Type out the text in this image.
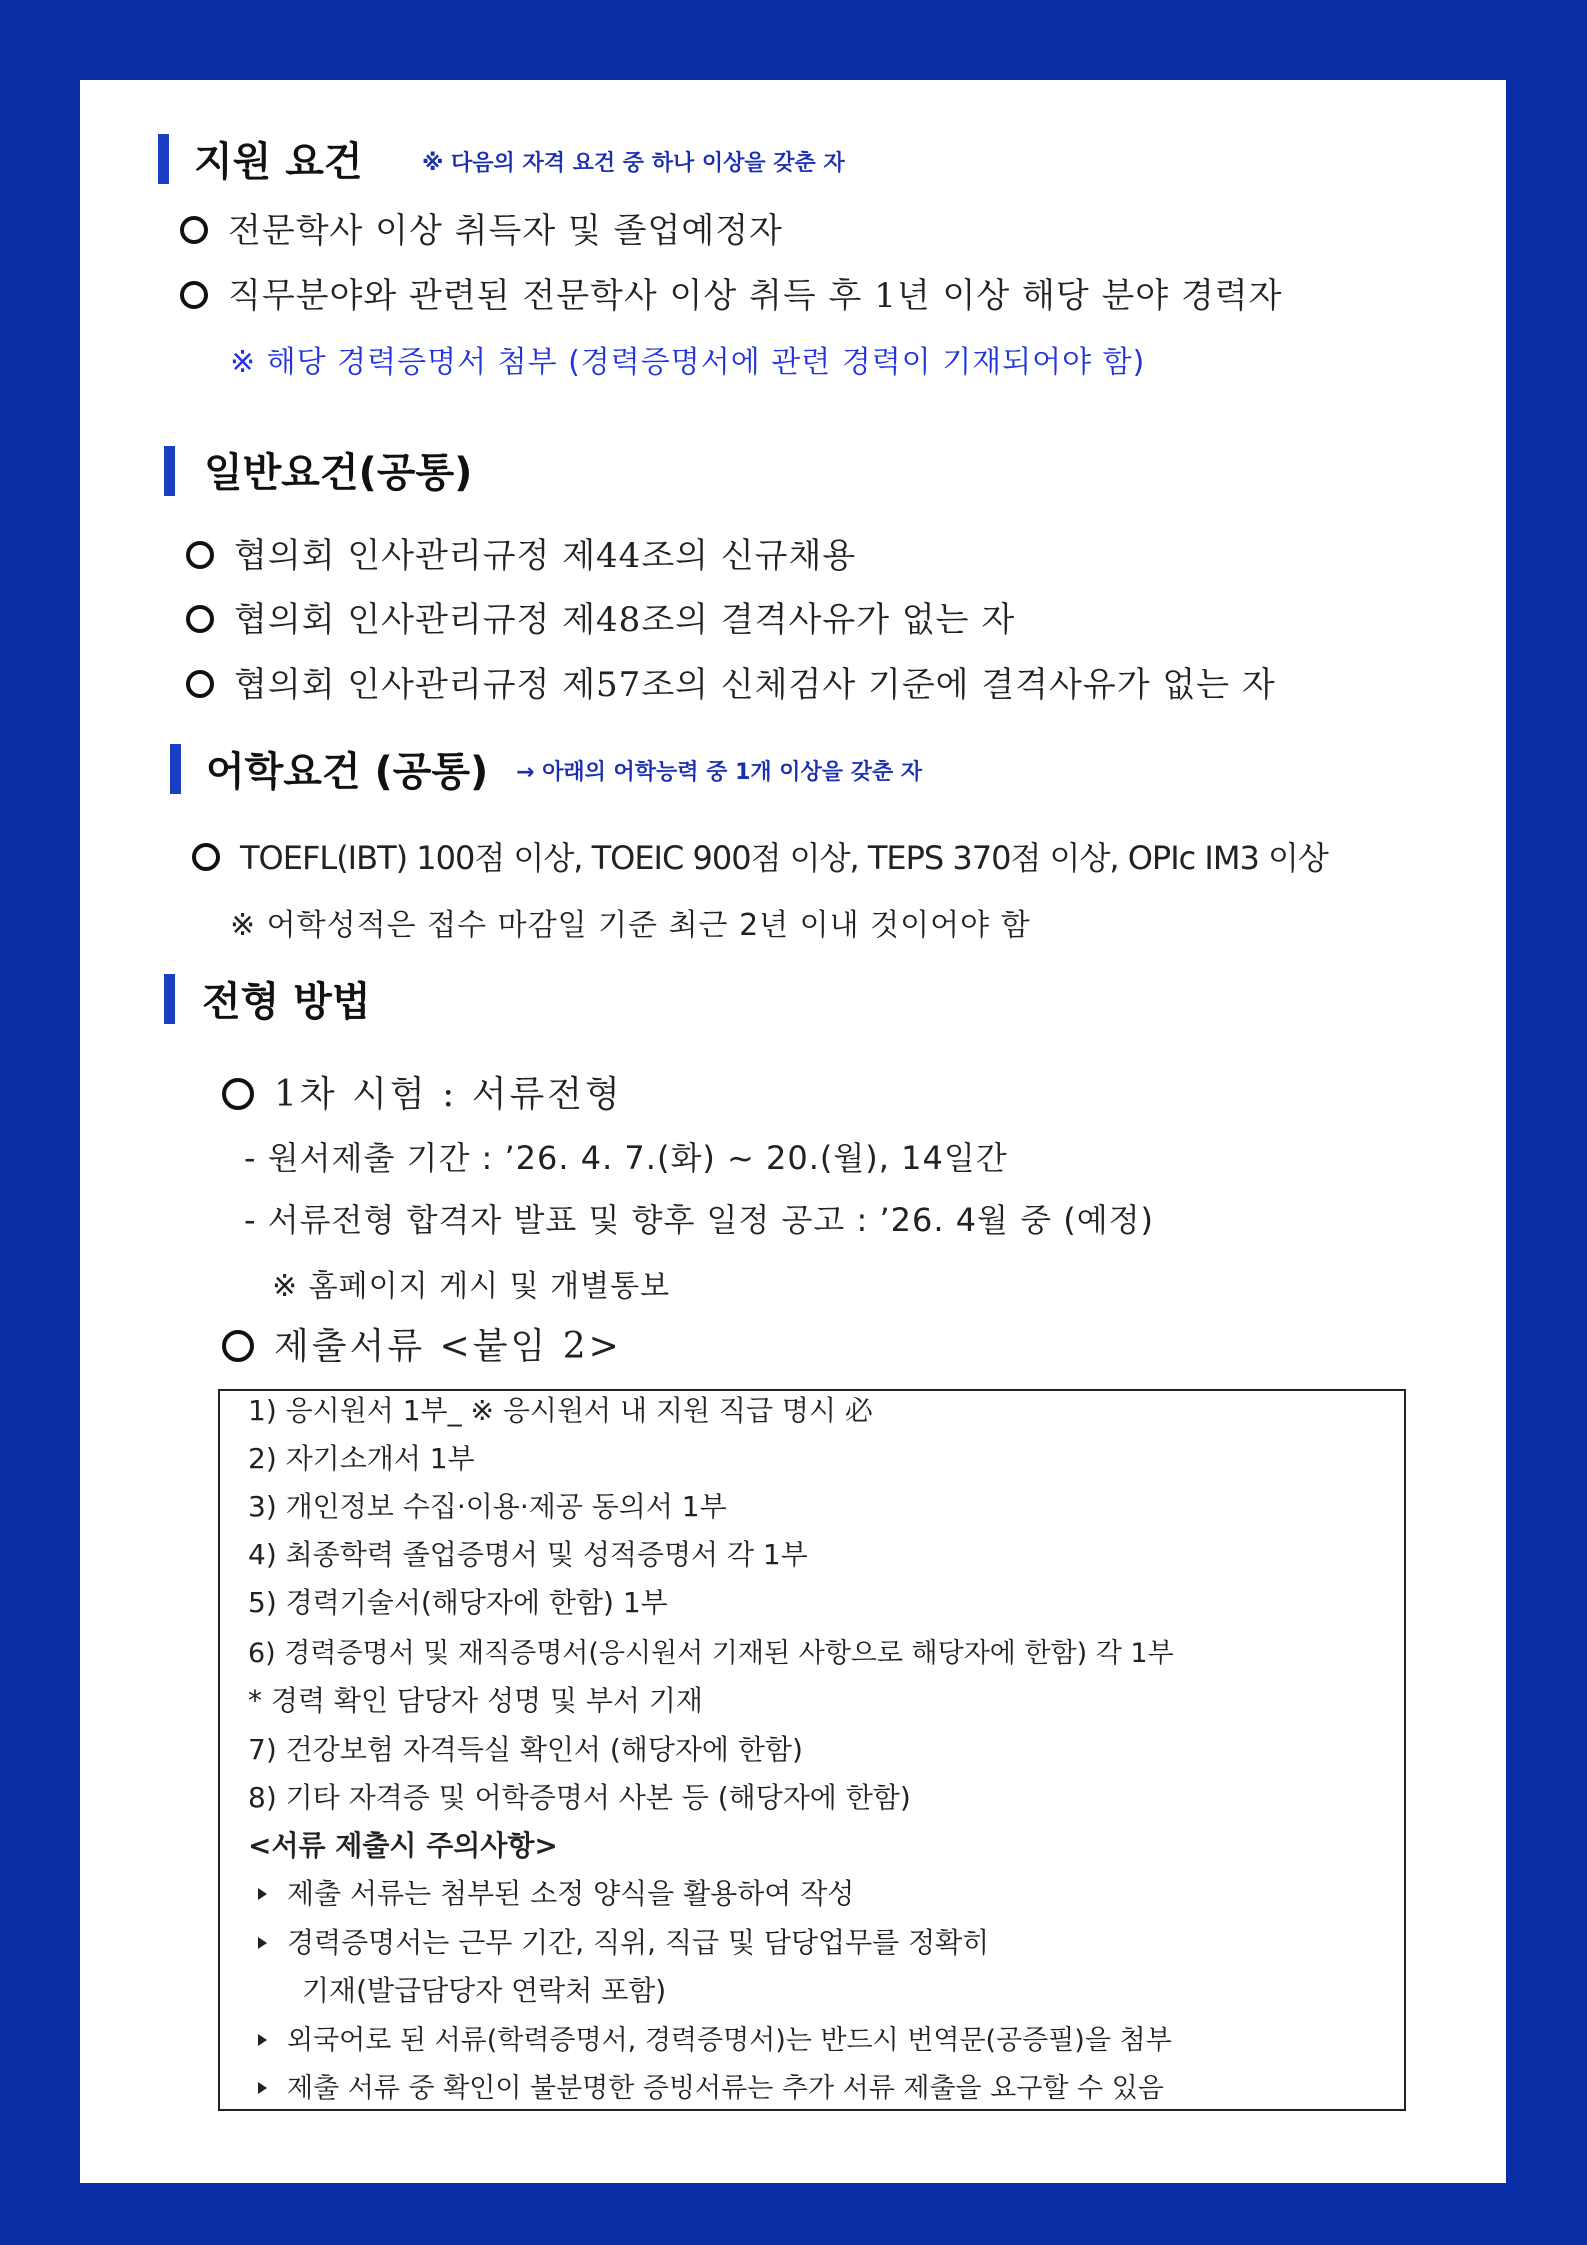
지원 요건	※ 다음의 자격 요건 중 하나 이상을 갖춘 자
전문학사 이상 취득자 및 졸업예정자
직무분야와 관련된 전문학사 이상 취득 후 1년 이상 해당 분야 경력자
※ 해당 경력증명서 첨부 (경력증명서에 관련 경력이 기재되어야 함)
일반요건(공통)
협의회 인사관리규정 제44조의 신규채용
협의회 인사관리규정 제48조의 결격사유가 없는 자
협의회 인사관리규정 제57조의 신체검사 기준에 결격사유가 없는 자
어학요건 (공통) → 아래의 어학능력 중 1개 이상을 갖춘 자
TOEFL(IBT) 100점 이상, TOEIC 900점 이상, TEPS 370점 이상, OPIc IM3 이상
※ 어학성적은 접수 마감일 기준 최근 2년 이내 것이어야 함
전형 방법
1차 시험 : 서류전형
- 원서제출 기간 : ’26. 4. 7.(화) ~ 20.(월), 14일간
- 서류전형 합격자 발표 및 향후 일정 공고 : ’26. 4월 중 (예정)
※ 홈페이지 게시 및 개별통보
제출서류 <붙임 2>
1) 응시원서 1부_ ※ 응시원서 내 지원 직급 명시 必
2) 자기소개서 1부
3) 개인정보 수집·이용·제공 동의서 1부
4) 최종학력 졸업증명서 및 성적증명서 각 1부
5) 경력기술서(해당자에 한함) 1부
6) 경력증명서 및 재직증명서(응시원서 기재된 사항으로 해당자에 한함) 각 1부
* 경력 확인 담당자 성명 및 부서 기재
7) 건강보험 자격득실 확인서 (해당자에 한함)
8) 기타 자격증 및 어학증명서 사본 등 (해당자에 한함)
<서류 제출시 주의사항>
제출 서류는 첨부된 소정 양식을 활용하여 작성
경력증명서는 근무 기간, 직위, 직급 및 담당업무를 정확히
기재(발급담당자 연락처 포함)
외국어로 된 서류(학력증명서, 경력증명서)는 반드시 번역문(공증필)을 첨부
제출 서류 중 확인이 불분명한 증빙서류는 추가 서류 제출을 요구할 수 있음
